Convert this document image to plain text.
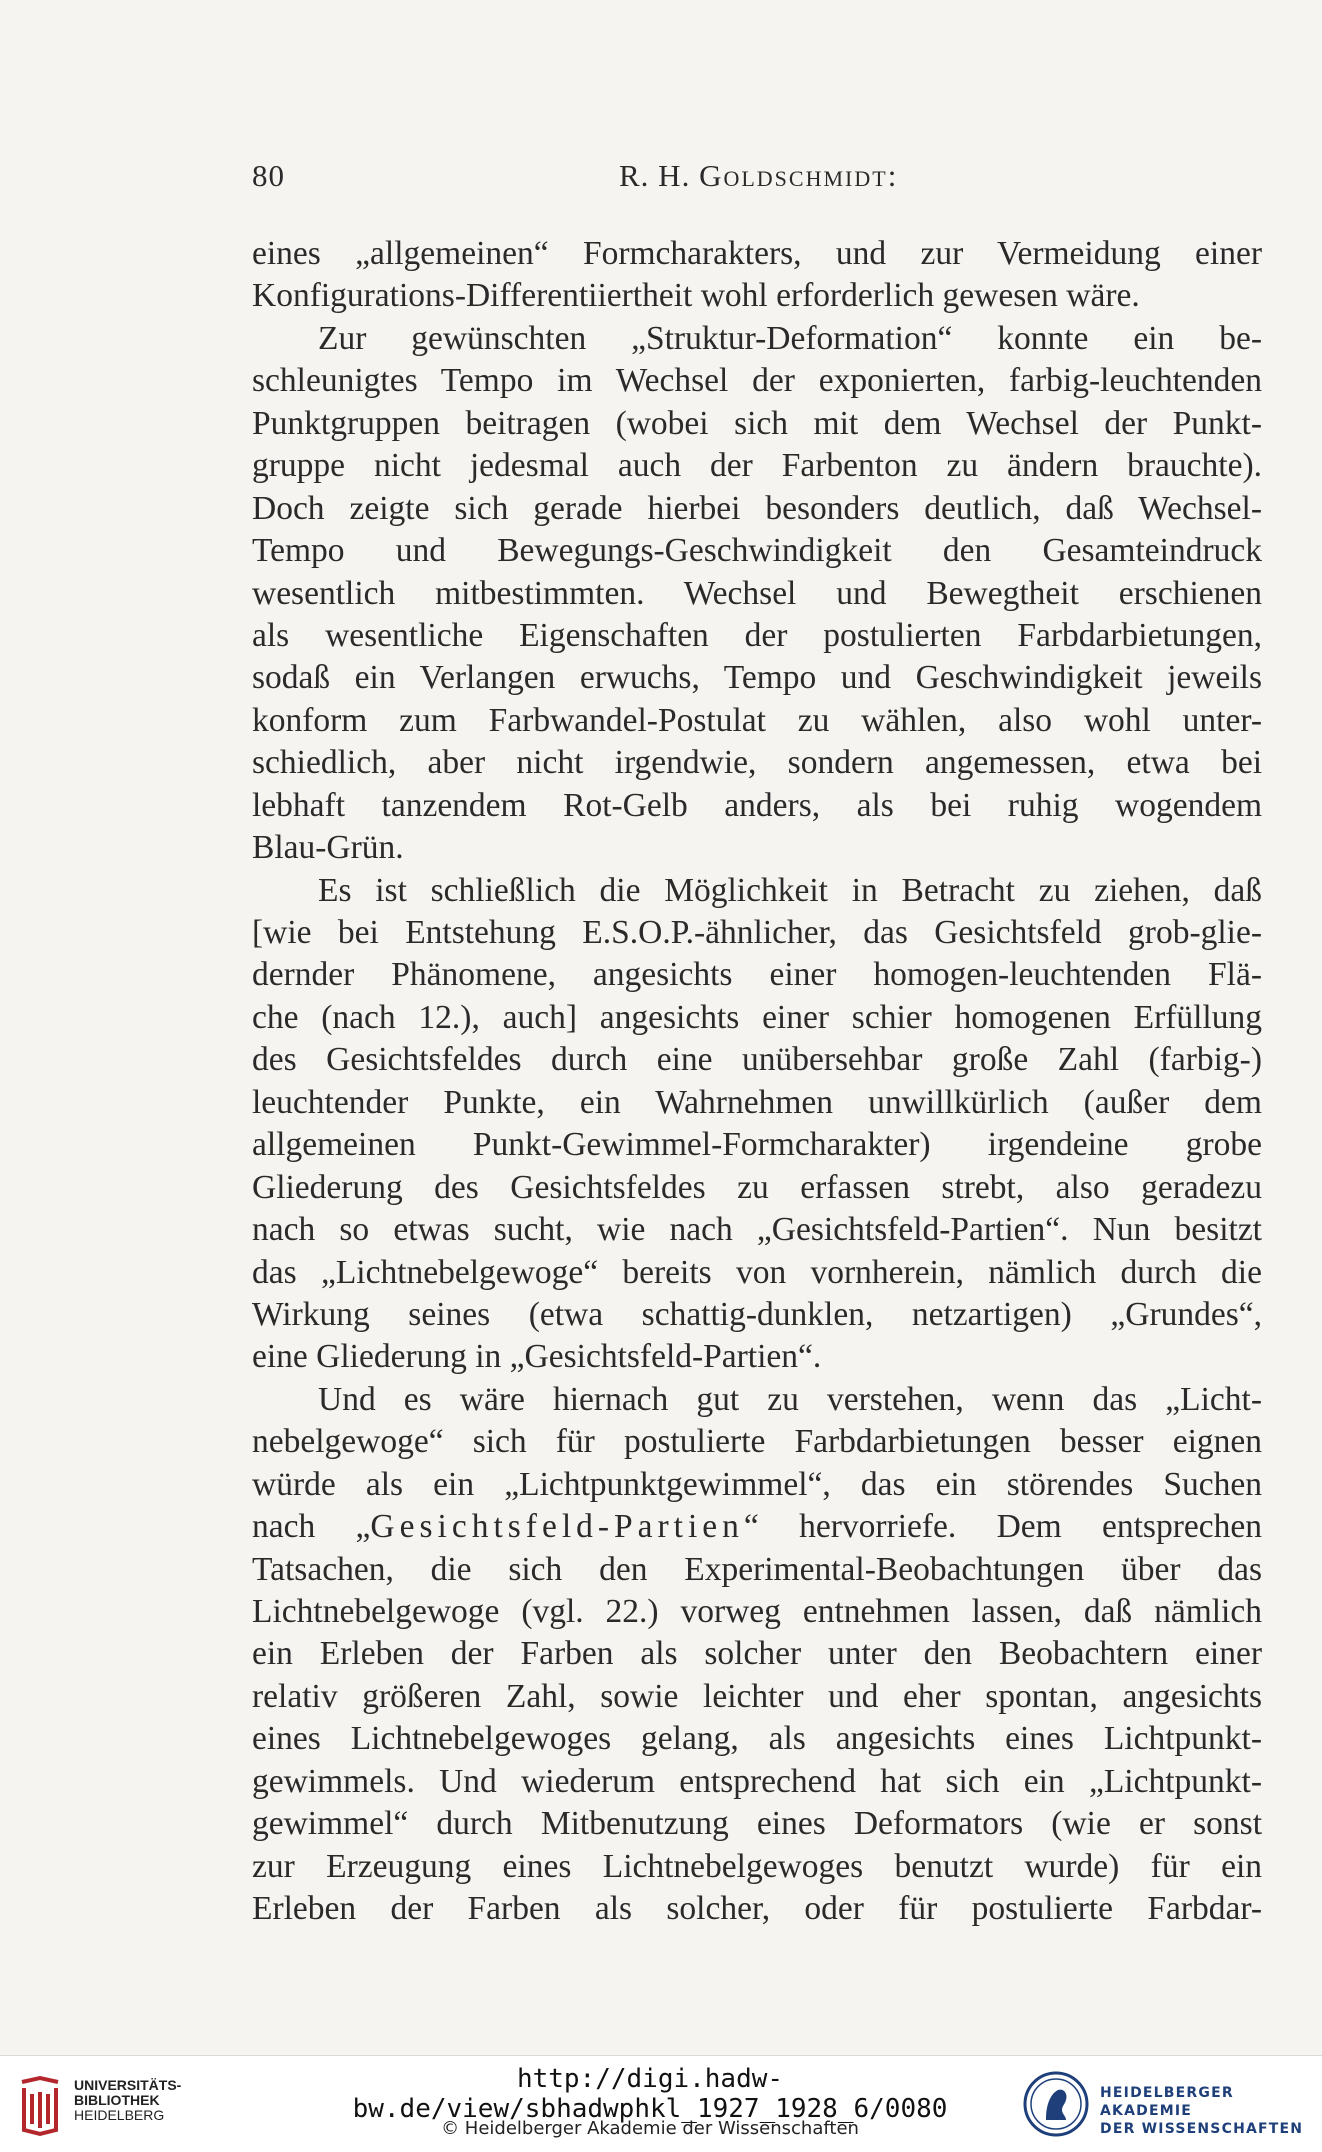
80	R. H. Goldschmidt:
eines „allgemeinen“ Formcharakters, und zur Vermeidung einer
Konfigurations-Differentiiertheit wohl erforderlich gewesen wäre.
Zur gewünschten „Struktur-Deformation“ konnte ein be-
schleunigtes Tempo im Wechsel der exponierten, farbig-leuchtenden
Punktgruppen beitragen (wobei sich mit dem Wechsel der Punkt-
gruppe nicht jedesmal auch der Farbenton zu ändern brauchte).
Doch zeigte sich gerade hierbei besonders deutlich, daß Wechsel-
Tempo und Bewegungs-Geschwindigkeit den Gesamteindruck
wesentlich mitbestimmten. Wechsel und Bewegtheit erschienen
als wesentliche Eigenschaften der postulierten Farbdarbietungen,
sodaß ein Verlangen erwuchs, Tempo und Geschwindigkeit jeweils
konform zum Farbwandel-Postulat zu wählen, also wohl unter-
schiedlich, aber nicht irgendwie, sondern angemessen, etwa bei
lebhaft tanzendem Rot-Gelb anders, als bei ruhig wogendem
Blau-Grün.
Es ist schließlich die Möglichkeit in Betracht zu ziehen, daß
[wie bei Entstehung E.S.O.P.-ähnlicher, das Gesichtsfeld grob-glie-
dernder Phänomene, angesichts einer homogen-leuchtenden Flä-
che (nach 12.), auch] angesichts einer schier homogenen Erfüllung
des Gesichtsfeldes durch eine unübersehbar große Zahl (farbig-)
leuchtender Punkte, ein Wahrnehmen unwillkürlich (außer dem
allgemeinen Punkt-Gewimmel-Formcharakter) irgendeine grobe
Gliederung des Gesichtsfeldes zu erfassen strebt, also geradezu
nach so etwas sucht, wie nach „Gesichtsfeld-Partien“. Nun besitzt
das „Lichtnebelgewoge“ bereits von vornherein, nämlich durch die
Wirkung seines (etwa schattig-dunklen, netzartigen) „Grundes“,
eine Gliederung in „Gesichtsfeld-Partien“.
Und es wäre hiernach gut zu verstehen, wenn das „Licht-
nebelgewoge“ sich für postulierte Farbdarbietungen besser eignen
würde als ein „Lichtpunktgewimmel“, das ein störendes Suchen
nach „Gesichtsfeld-Partien“ hervorriefe. Dem entsprechen
Tatsachen, die sich den Experimental-Beobachtungen über das
Lichtnebelgewoge (vgl. 22.) vorweg entnehmen lassen, daß nämlich
ein Erleben der Farben als solcher unter den Beobachtern einer
relativ größeren Zahl, sowie leichter und eher spontan, angesichts
eines Lichtnebelgewoges gelang, als angesichts eines Lichtpunkt-
gewimmels. Und wiederum entsprechend hat sich ein „Lichtpunkt-
gewimmel“ durch Mitbenutzung eines Deformators (wie er sonst
zur Erzeugung eines Lichtnebelgewoges benutzt wurde) für ein
Erleben der Farben als solcher, oder für postulierte Farbdar-
UNIVERSITÄTS-
BIBLIOTHEK
HEIDELBERG
http://digi.hadw-bw.de/view/sbhadwphkl_1927_1928_6/0080
© Heidelberger Akademie der Wissenschaften
HEIDELBERGER AKADEMIE
DER WISSENSCHAFTEN
